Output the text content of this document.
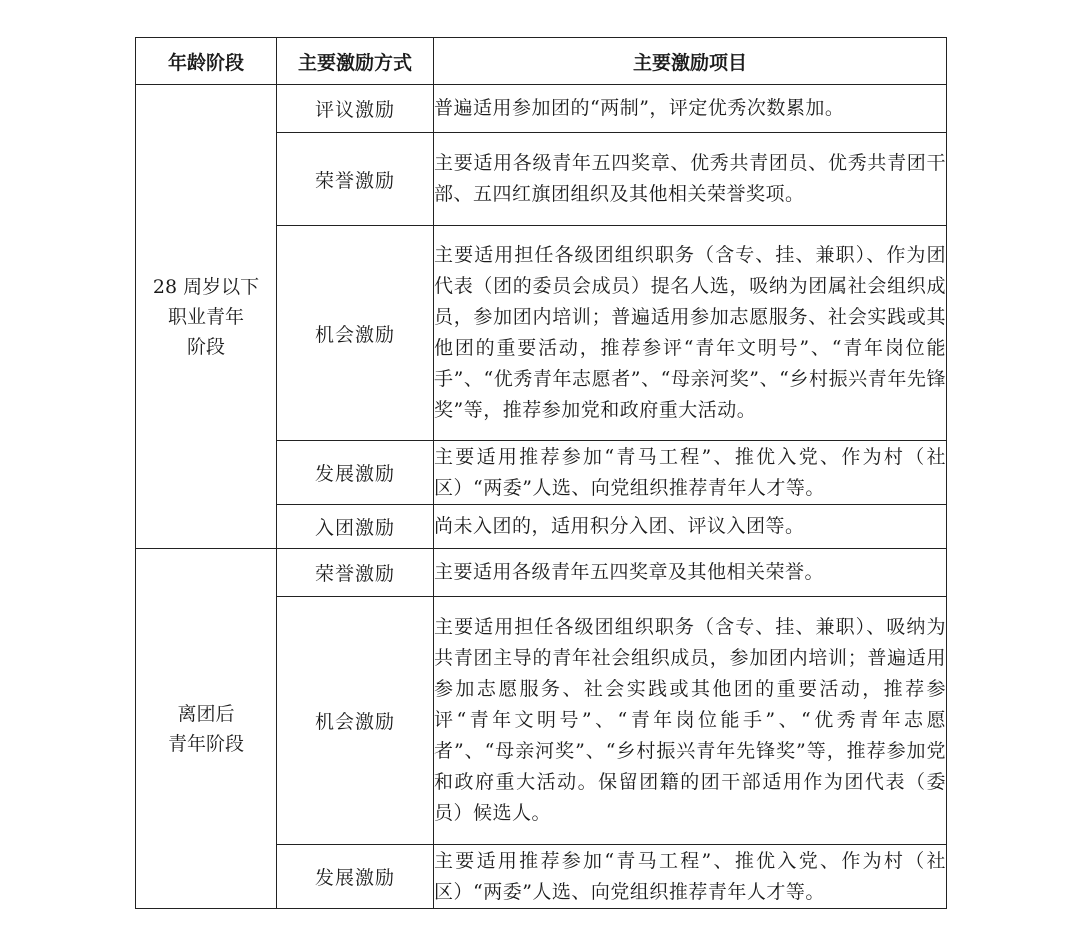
年龄阶段	主要激励方式	主要激励项目

28 周岁以下
职业青年
阶段	评议激励	普遍适用参加团的“两制”，评定优秀次数累加。
	荣誉激励	主要适用各级青年五四奖章、优秀共青团员、优秀共青团干部、五四红旗团组织及其他相关荣誉奖项。
	机会激励	主要适用担任各级团组织职务（含专、挂、兼职）、作为团代表（团的委员会成员）提名人选，吸纳为团属社会组织成员，参加团内培训；普遍适用参加志愿服务、社会实践或其他团的重要活动，推荐参评“青年文明号”、“青年岗位能手”、“优秀青年志愿者”、“母亲河奖”、“乡村振兴青年先锋奖”等，推荐参加党和政府重大活动。
	发展激励	主要适用推荐参加“青马工程”、推优入党、作为村（社区）“两委”人选、向党组织推荐青年人才等。
	入团激励	尚未入团的，适用积分入团、评议入团等。

离团后
青年阶段	荣誉激励	主要适用各级青年五四奖章及其他相关荣誉。
	机会激励	主要适用担任各级团组织职务（含专、挂、兼职）、吸纳为共青团主导的青年社会组织成员，参加团内培训；普遍适用参加志愿服务、社会实践或其他团的重要活动，推荐参评“青年文明号”、“青年岗位能手”、“优秀青年志愿者”、“母亲河奖”、“乡村振兴青年先锋奖”等，推荐参加党和政府重大活动。保留团籍的团干部适用作为团代表（委员）候选人。
	发展激励	主要适用推荐参加“青马工程”、推优入党、作为村（社区）“两委”人选、向党组织推荐青年人才等。
